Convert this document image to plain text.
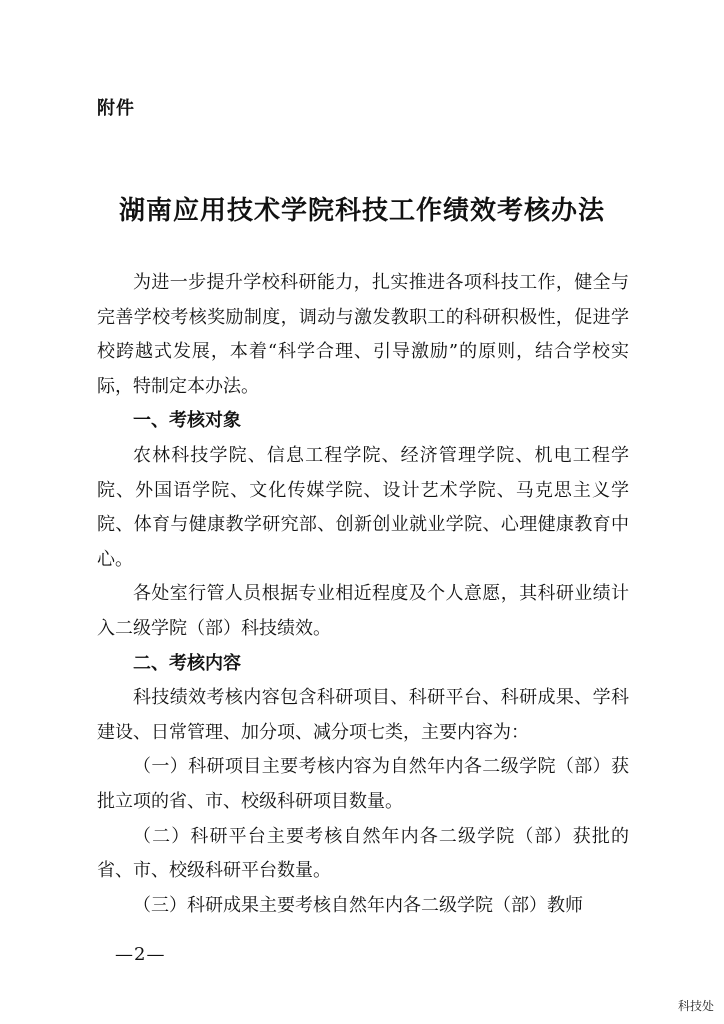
附件
湖南应用技术学院科技工作绩效考核办法

为进一步提升学校科研能力，扎实推进各项科技工作，健全与完善学校考核奖励制度，调动与激发教职工的科研积极性，促进学校跨越式发展，本着“科学合理、引导激励”的原则，结合学校实际，特制定本办法。

一、考核对象

农林科技学院、信息工程学院、经济管理学院、机电工程学院、外国语学院、文化传媒学院、设计艺术学院、马克思主义学院、体育与健康教学研究部、创新创业就业学院、心理健康教育中心。

各处室行管人员根据专业相近程度及个人意愿，其科研业绩计入二级学院（部）科技绩效。

二、考核内容

科技绩效考核内容包含科研项目、科研平台、科研成果、学科建设、日常管理、加分项、减分项七类，主要内容为：

（一）科研项目主要考核内容为自然年内各二级学院（部）获批立项的省、市、校级科研项目数量。

（二）科研平台主要考核自然年内各二级学院（部）获批的省、市、校级科研平台数量。

（三）科研成果主要考核自然年内各二级学院（部）教师

—2—
科技处
